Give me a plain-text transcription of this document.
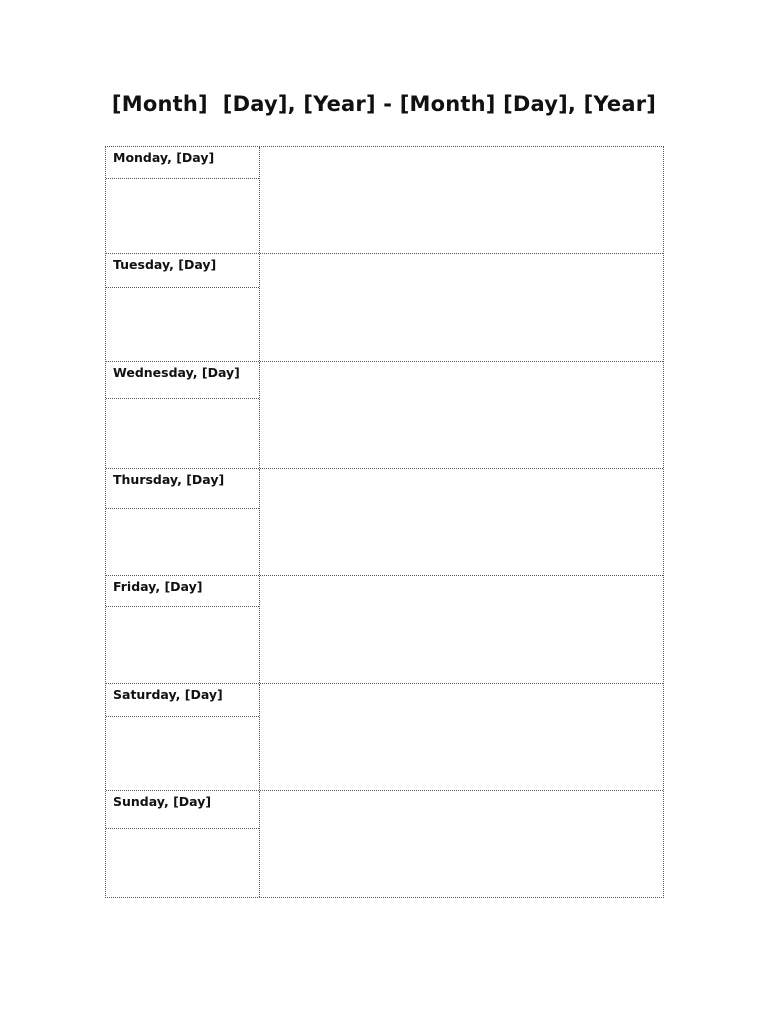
[Month]  [Day], [Year] - [Month] [Day], [Year]
Monday, [Day]
Tuesday, [Day]
Wednesday, [Day]
Thursday, [Day]
Friday, [Day]
Saturday, [Day]
Sunday, [Day]
